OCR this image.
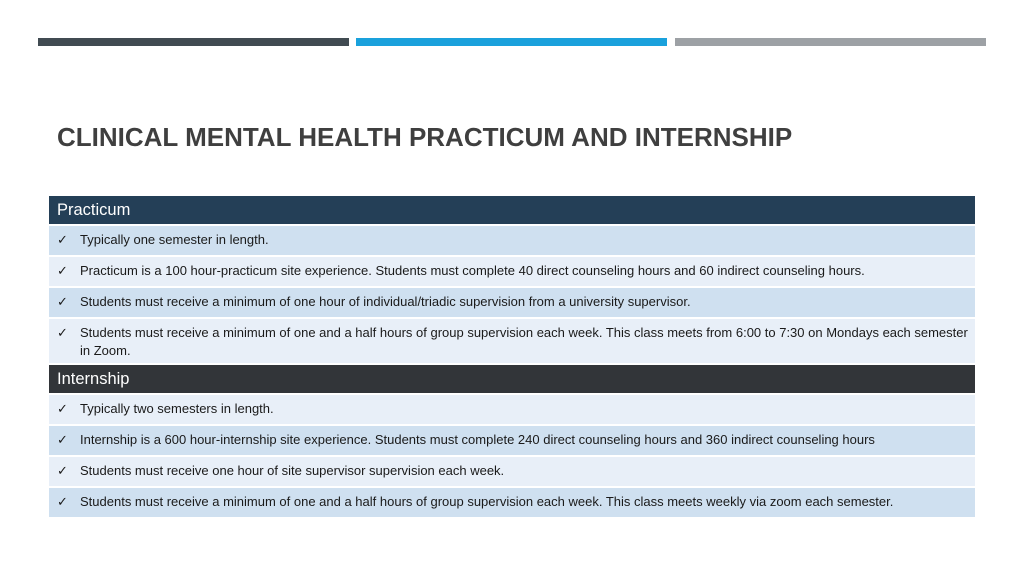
CLINICAL MENTAL HEALTH PRACTICUM AND INTERNSHIP
Practicum
✓ Typically one semester in length.
✓ Practicum is a 100 hour-practicum site experience. Students must complete 40 direct counseling hours and 60 indirect counseling hours.
✓ Students must receive a minimum of one hour of individual/triadic supervision from a university supervisor.
✓ Students must receive a minimum of one and a half hours of group supervision each week. This class meets from 6:00 to 7:30 on Mondays each semester in Zoom.
Internship
✓ Typically two semesters in length.
✓ Internship is a 600 hour-internship site experience. Students must complete 240 direct counseling hours and 360 indirect counseling hours
✓ Students must receive one hour of site supervisor supervision each week.
✓ Students must receive a minimum of one and a half hours of group supervision each week. This class meets weekly via zoom each semester.
